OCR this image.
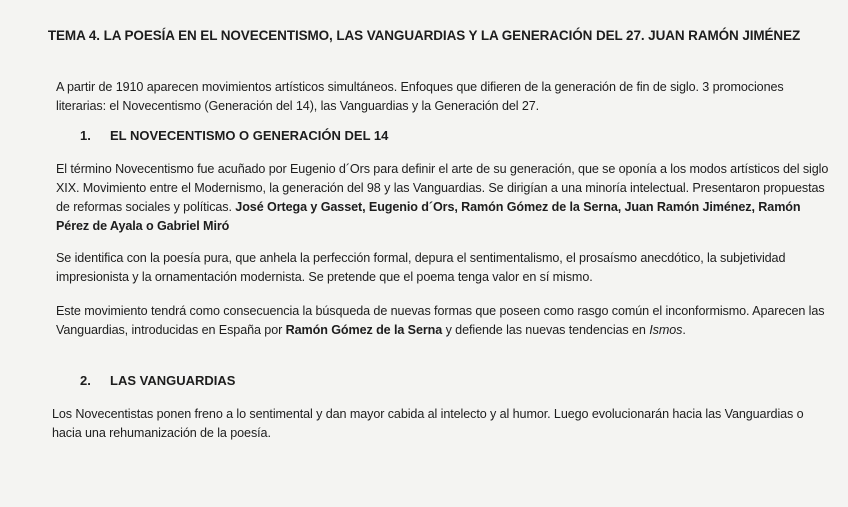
TEMA 4. LA POESÍA EN EL NOVECENTISMO, LAS VANGUARDIAS Y LA GENERACIÓN DEL 27. JUAN RAMÓN JIMÉNEZ
A partir de 1910 aparecen movimientos artísticos simultáneos. Enfoques que difieren de la generación de fin de siglo. 3 promociones literarias: el Novecentismo (Generación del 14), las Vanguardias y la Generación del 27.
1. EL NOVECENTISMO O GENERACIÓN DEL 14
El término Novecentismo fue acuñado por Eugenio d´Ors para definir el arte de su generación, que se oponía a los modos artísticos del siglo XIX. Movimiento entre el Modernismo, la generación del 98 y las Vanguardias. Se dirigían a una minoría intelectual. Presentaron propuestas de reformas sociales y políticas. José Ortega y Gasset, Eugenio d´Ors, Ramón Gómez de la Serna, Juan Ramón Jiménez, Ramón Pérez de Ayala o Gabriel Miró
Se identifica con la poesía pura, que anhela la perfección formal, depura el sentimentalismo, el prosaísmo anecdótico, la subjetividad impresionista y la ornamentación modernista. Se pretende que el poema tenga valor en sí mismo.
Este movimiento tendrá como consecuencia la búsqueda de nuevas formas que poseen como rasgo común el inconformismo. Aparecen las Vanguardias, introducidas en España por Ramón Gómez de la Serna y defiende las nuevas tendencias en Ismos.
2. LAS VANGUARDIAS
Los Novecentistas ponen freno a lo sentimental y dan mayor cabida al intelecto y al humor. Luego evolucionarán hacia las Vanguardias o hacia una rehumanización de la poesía.
